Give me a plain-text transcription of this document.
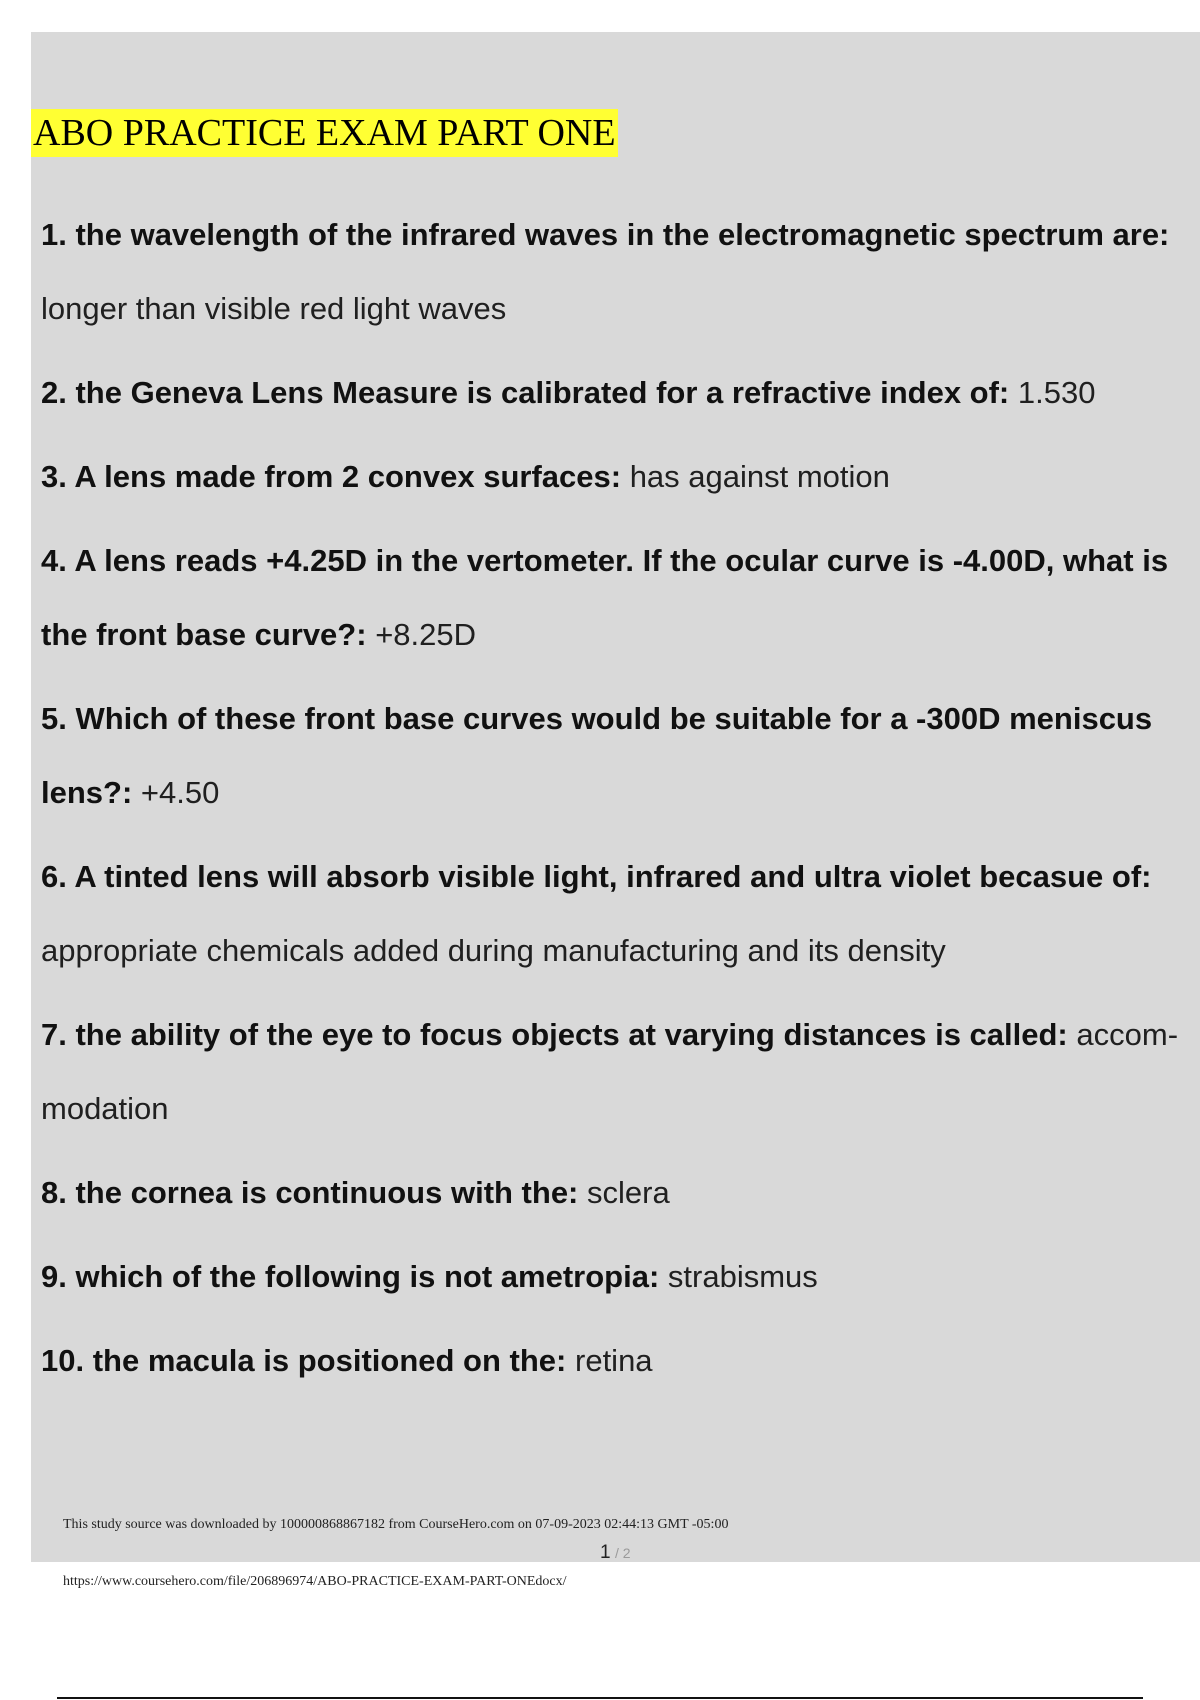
ABO PRACTICE EXAM PART ONE
1. the wavelength of the infrared waves in the electromagnetic spectrum are: longer than visible red light waves
2. the Geneva Lens Measure is calibrated for a refractive index of: 1.530
3. A lens made from 2 convex surfaces: has against motion
4. A lens reads +4.25D in the vertometer. If the ocular curve is -4.00D, what is the front base curve?: +8.25D
5. Which of these front base curves would be suitable for a -300D meniscus lens?: +4.50
6. A tinted lens will absorb visible light, infrared and ultra violet becasue of: appropriate chemicals added during manufacturing and its density
7. the ability of the eye to focus objects at varying distances is called: accom- modation
8. the cornea is continuous with the: sclera
9. which of the following is not ametropia: strabismus
10. the macula is positioned on the: retina
This study source was downloaded by 100000868867182 from CourseHero.com on 07-09-2023 02:44:13 GMT -05:00
1 / 2
https://www.coursehero.com/file/206896974/ABO-PRACTICE-EXAM-PART-ONEdocx/
